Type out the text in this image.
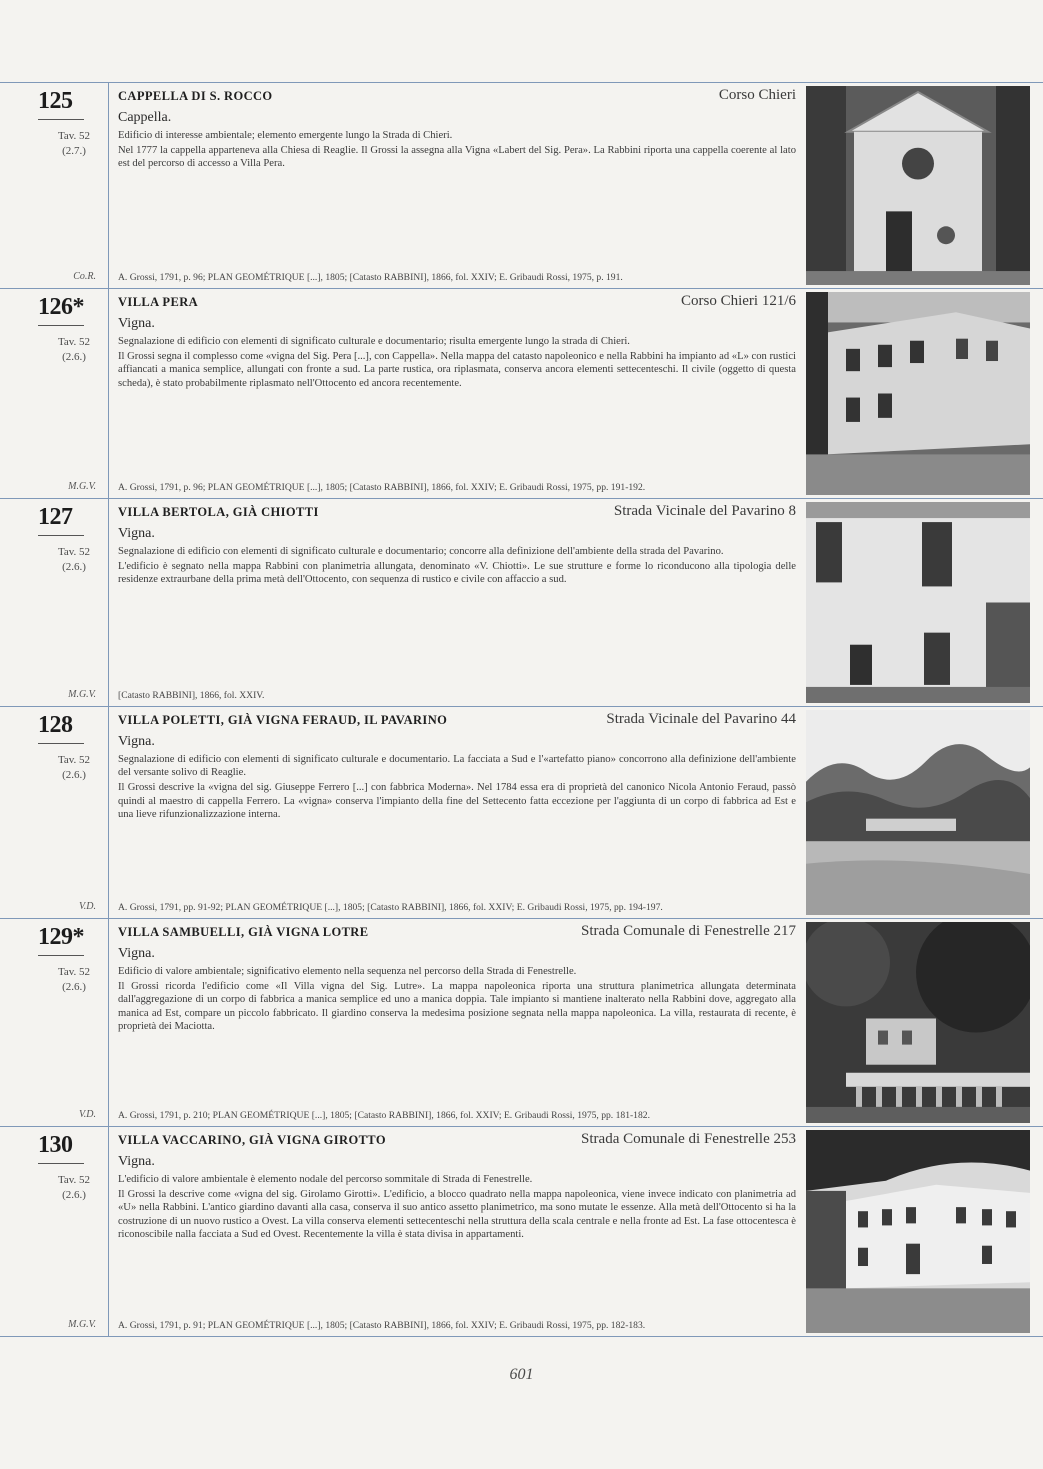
125
Tav. 52
(2.7.)
Co.R.
CAPPELLA DI S. ROCCO	Corso Chieri
Cappella.

Edificio di interesse ambientale; elemento emergente lungo la Strada di Chieri.

Nel 1777 la cappella apparteneva alla Chiesa di Reaglie. Il Grossi la assegna alla Vigna «Labert del Sig. Pera». La Rabbini riporta una cappella coerente al lato est del percorso di accesso a Villa Pera.

A. Grossi, 1791, p. 96; PLAN GEOMÉTRIQUE [...], 1805; [Catasto RABBINI], 1866, fol. XXIV; E. Gribaudi Rossi, 1975, p. 191.
126*
Tav. 52
(2.6.)
M.G.V.
VILLA PERA	Corso Chieri 121/6
Vigna.

Segnalazione di edificio con elementi di significato culturale e documentario; risulta emergente lungo la strada di Chieri.

Il Grossi segna il complesso come «vigna del Sig. Pera [...], con Cappella». Nella mappa del catasto napoleonico e nella Rabbini ha impianto ad «L» con rustici affiancati a manica semplice, allungati con fronte a sud. La parte rustica, ora riplasmata, conserva ancora elementi settecenteschi. Il civile (oggetto di questa scheda), è stato probabilmente riplasmato nell'Ottocento ed ancora recentemente.

A. Grossi, 1791, p. 96; PLAN GEOMÉTRIQUE [...], 1805; [Catasto RABBINI], 1866, fol. XXIV; E. Gribaudi Rossi, 1975, pp. 191-192.
127
Tav. 52
(2.6.)
M.G.V.
VILLA BERTOLA, GIÀ CHIOTTI	Strada Vicinale del Pavarino 8
Vigna.

Segnalazione di edificio con elementi di significato culturale e documentario; concorre alla definizione dell'ambiente della strada del Pavarino.

L'edificio è segnato nella mappa Rabbini con planimetria allungata, denominato «V. Chiotti». Le sue strutture e forme lo riconducono alla tipologia delle residenze extraurbane della prima metà dell'Ottocento, con sequenza di rustico e civile con affaccio a sud.

[Catasto RABBINI], 1866, fol. XXIV.
128
Tav. 52
(2.6.)
V.D.
VILLA POLETTI, GIÀ VIGNA FERAUD, IL PAVARINO	Strada Vicinale del Pavarino 44
Vigna.

Segnalazione di edificio con elementi di significato culturale e documentario. La facciata a Sud e l'«artefatto piano» concorrono alla definizione dell'ambiente del versante solivo di Reaglie.

Il Grossi descrive la «vigna del sig. Giuseppe Ferrero [...] con fabbrica Moderna». Nel 1784 essa era di proprietà del canonico Nicola Antonio Feraud, passò quindi al maestro di cappella Ferrero. La «vigna» conserva l'impianto della fine del Settecento fatta eccezione per l'aggiunta di un corpo di fabbrica ad Est e una lieve rifunzionalizzazione interna.

A. Grossi, 1791, pp. 91-92; PLAN GEOMÉTRIQUE [...], 1805; [Catasto RABBINI], 1866, fol. XXIV; E. Gribaudi Rossi, 1975, pp. 194-197.
129*
Tav. 52
(2.6.)
V.D.
VILLA SAMBUELLI, GIÀ VIGNA LOTRE	Strada Comunale di Fenestrelle 217
Vigna.

Edificio di valore ambientale; significativo elemento nella sequenza nel percorso della Strada di Fenestrelle.

Il Grossi ricorda l'edificio come «Il Villa vigna del Sig. Lutre». La mappa napoleonica riporta una struttura planimetrica allungata determinata dall'aggregazione di un corpo di fabbrica a manica semplice ed uno a manica doppia. Tale impianto si mantiene inalterato nella Rabbini dove, aggregato alla manica ad Est, compare un piccolo fabbricato. Il giardino conserva la medesima posizione segnata nella mappa napoleonica. La villa, restaurata di recente, è proprietà dei Maciotta.

A. Grossi, 1791, p. 210; PLAN GEOMÉTRIQUE [...], 1805; [Catasto RABBINI], 1866, fol. XXIV; E. Gribaudi Rossi, 1975, pp. 181-182.
130
Tav. 52
(2.6.)
M.G.V.
VILLA VACCARINO, GIÀ VIGNA GIROTTO	Strada Comunale di Fenestrelle 253
Vigna.

L'edificio di valore ambientale è elemento nodale del percorso sommitale di Strada di Fenestrelle.

Il Grossi la descrive come «vigna del sig. Girolamo Girotti». L'edificio, a blocco quadrato nella mappa napoleonica, viene invece indicato con planimetria ad «U» nella Rabbini. L'antico giardino davanti alla casa, conserva il suo antico assetto planimetrico, ma sono mutate le essenze. Alla metà dell'Ottocento si ha la costruzione di un nuovo rustico a Ovest. La villa conserva elementi settecenteschi nella struttura della scala centrale e nella fronte ad Est. La fase ottocentesca è riconoscibile nalla facciata a Sud ed Ovest. Recentemente la villa è stata divisa in appartamenti.

A. Grossi, 1791, p. 91; PLAN GEOMÉTRIQUE [...], 1805; [Catasto RABBINI], 1866, fol. XXIV; E. Gribaudi Rossi, 1975, pp. 182-183.
601
